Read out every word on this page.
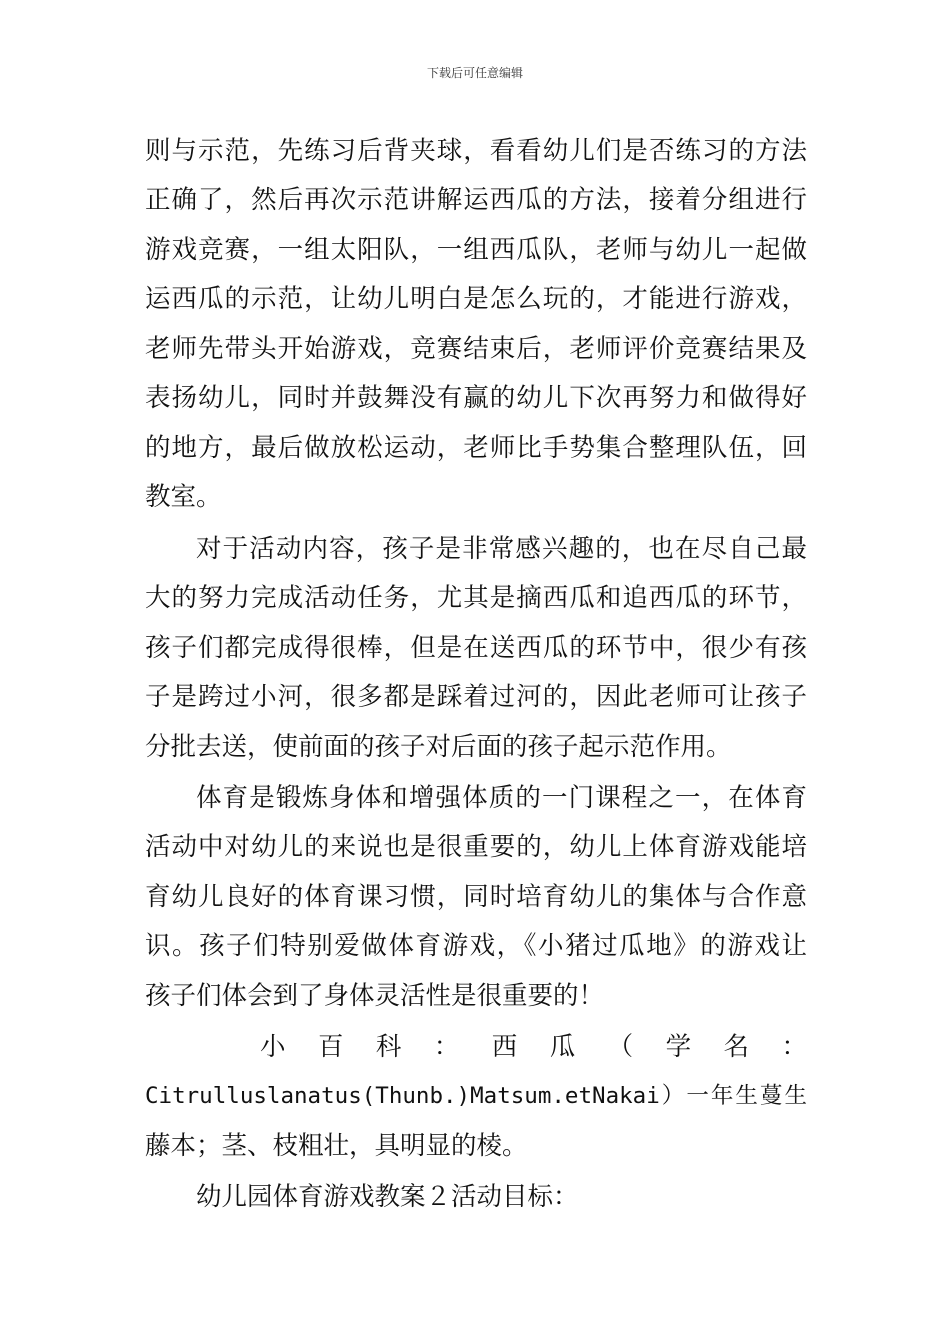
下载后可任意编辑
则与示范，先练习后背夹球，看看幼儿们是否练习的方法
正确了，然后再次示范讲解运西瓜的方法，接着分组进行
游戏竞赛，一组太阳队，一组西瓜队，老师与幼儿一起做
运西瓜的示范，让幼儿明白是怎么玩的，才能进行游戏，
老师先带头开始游戏，竞赛结束后，老师评价竞赛结果及
表扬幼儿，同时并鼓舞没有赢的幼儿下次再努力和做得好
的地方，最后做放松运动，老师比手势集合整理队伍，回
教室。
对于活动内容，孩子是非常感兴趣的，也在尽自己最
大的努力完成活动任务，尤其是摘西瓜和追西瓜的环节，
孩子们都完成得很棒，但是在送西瓜的环节中，很少有孩
子是跨过小河，很多都是踩着过河的，因此老师可让孩子
分批去送，使前面的孩子对后面的孩子起示范作用。
体育是锻炼身体和增强体质的一门课程之一，在体育
活动中对幼儿的来说也是很重要的，幼儿上体育游戏能培
育幼儿良好的体育课习惯，同时培育幼儿的集体与合作意
识。孩子们特别爱做体育游戏，《小猪过瓜地》的游戏让
孩子们体会到了身体灵活性是很重要的！
小百科：西瓜（学名：
Citrulluslanatus(Thunb.)Matsum.etNakai）一年生蔓生
藤本；茎、枝粗壮，具明显的棱。
幼儿园体育游戏教案２活动目标：
